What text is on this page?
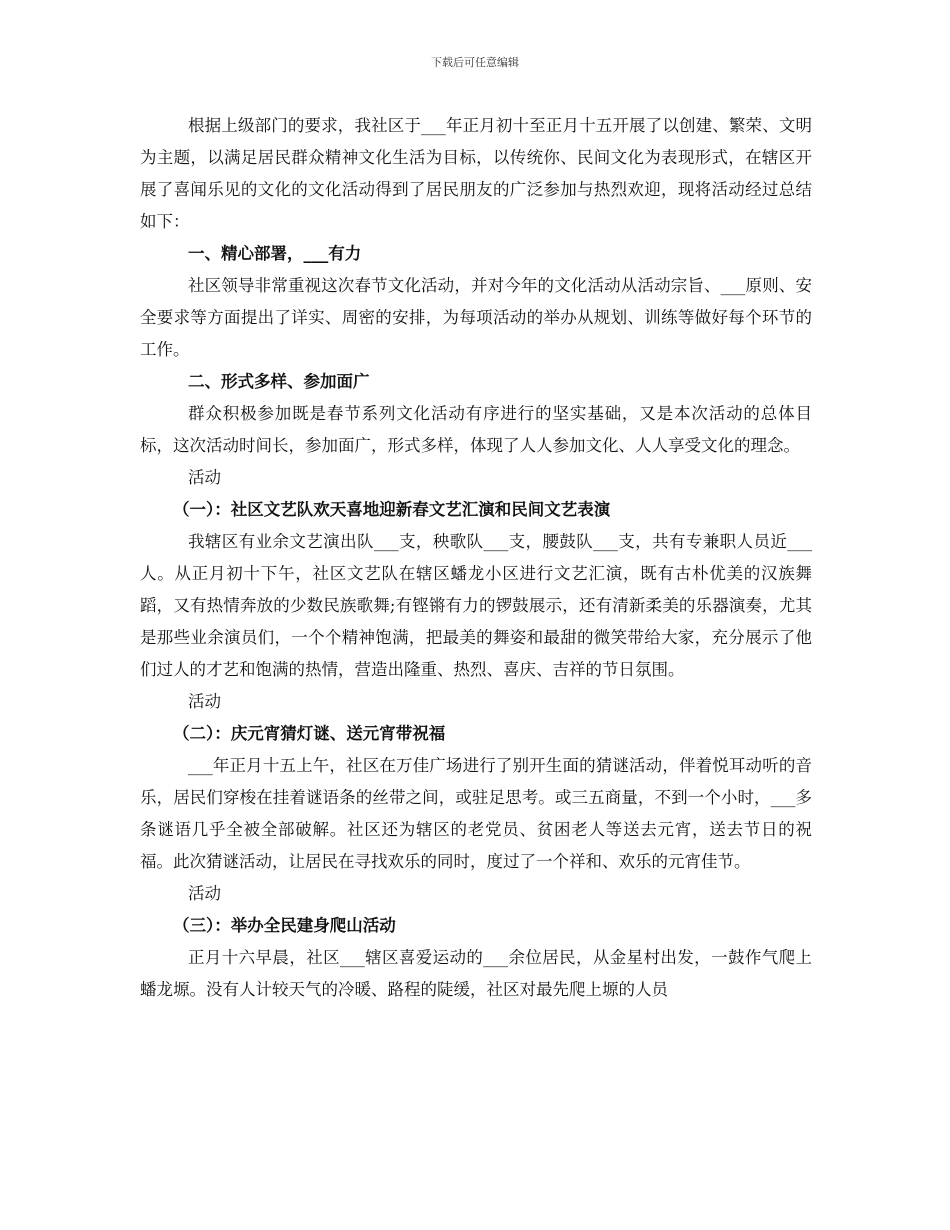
下载后可任意编辑

根据上级部门的要求，我社区于___年正月初十至正月十五开展了以创建、繁荣、文明为主题，以满足居民群众精神文化生活为目标，以传统你、民间文化为表现形式，在辖区开展了喜闻乐见的文化的文化活动得到了居民朋友的广泛参加与热烈欢迎，现将活动经过总结如下：

一、精心部署，___有力

社区领导非常重视这次春节文化活动，并对今年的文化活动从活动宗旨、___原则、安全要求等方面提出了详实、周密的安排，为每项活动的举办从规划、训练等做好每个环节的工作。

二、形式多样、参加面广

群众积极参加既是春节系列文化活动有序进行的坚实基础，又是本次活动的总体目标，这次活动时间长，参加面广，形式多样，体现了人人参加文化、人人享受文化的理念。

活动

（一）：社区文艺队欢天喜地迎新春文艺汇演和民间文艺表演

我辖区有业余文艺演出队___支，秧歌队___支，腰鼓队___支，共有专兼职人员近___人。从正月初十下午，社区文艺队在辖区蟠龙小区进行文艺汇演，既有古朴优美的汉族舞蹈，又有热情奔放的少数民族歌舞;有铿锵有力的锣鼓展示，还有清新柔美的乐器演奏，尤其是那些业余演员们，一个个精神饱满，把最美的舞姿和最甜的微笑带给大家，充分展示了他们过人的才艺和饱满的热情，营造出隆重、热烈、喜庆、吉祥的节日氛围。

活动

（二）：庆元宵猜灯谜、送元宵带祝福

___年正月十五上午，社区在万佳广场进行了别开生面的猜谜活动，伴着悦耳动听的音乐，居民们穿梭在挂着谜语条的丝带之间，或驻足思考。或三五商量，不到一个小时，___多条谜语几乎全被全部破解。社区还为辖区的老党员、贫困老人等送去元宵，送去节日的祝福。此次猜谜活动，让居民在寻找欢乐的同时，度过了一个祥和、欢乐的元宵佳节。

活动

（三）：举办全民建身爬山活动

正月十六早晨，社区___辖区喜爱运动的___余位居民，从金星村出发，一鼓作气爬上蟠龙塬。没有人计较天气的冷暖、路程的陡缓，社区对最先爬上塬的人员
